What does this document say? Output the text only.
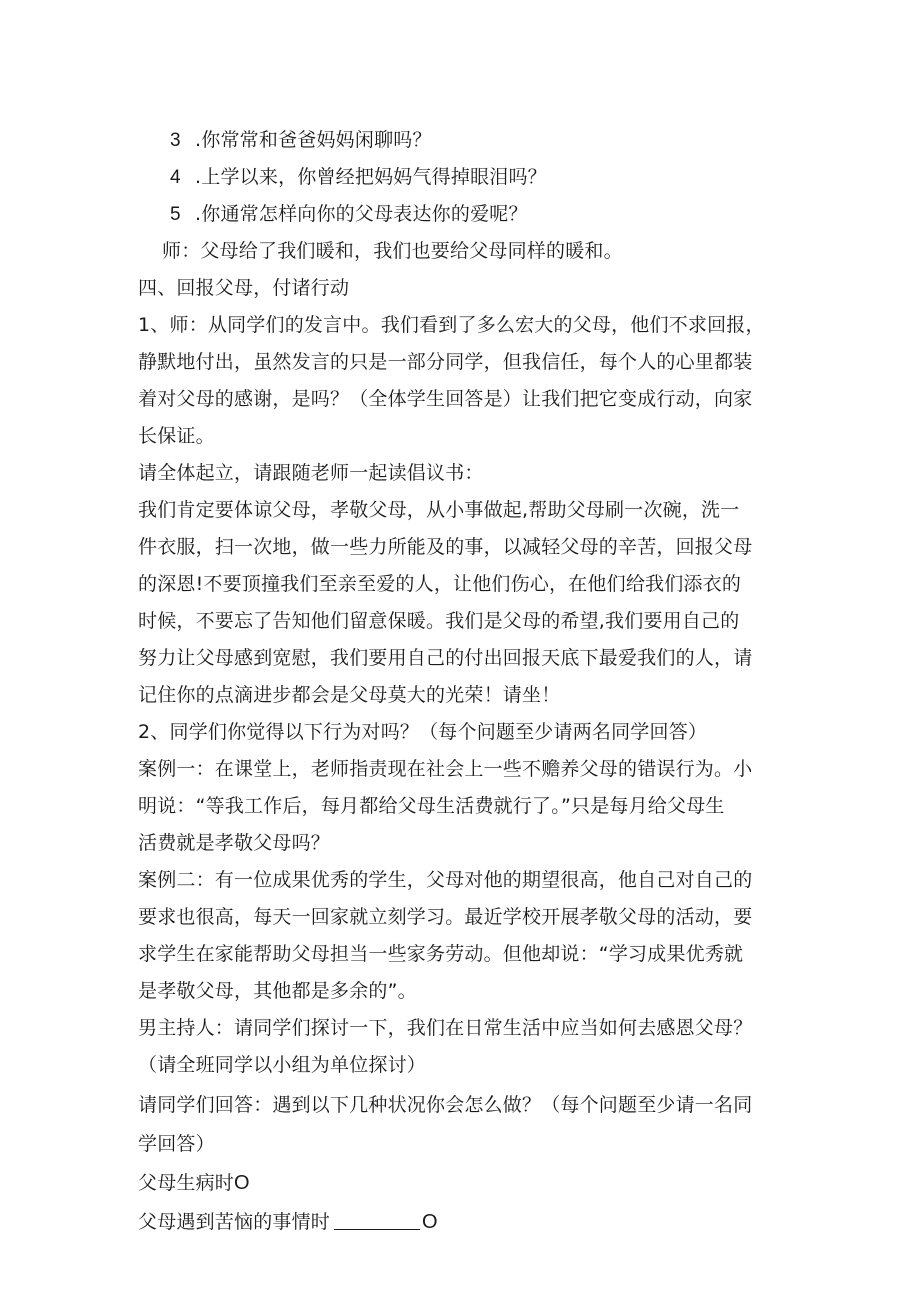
3 .你常常和爸爸妈妈闲聊吗？
4 .上学以来，你曾经把妈妈气得掉眼泪吗？
5 .你通常怎样向你的父母表达你的爱呢？
师：父母给了我们暖和，我们也要给父母同样的暖和。
四、回报父母，付诸行动
1、师：从同学们的发言中。我们看到了多么宏大的父母，他们不求回报，
静默地付出，虽然发言的只是一部分同学，但我信任，每个人的心里都装
着对父母的感谢，是吗？（全体学生回答是）让我们把它变成行动，向家
长保证。
请全体起立，请跟随老师一起读倡议书：
我们肯定要体谅父母，孝敬父母，从小事做起,帮助父母刷一次碗，洗一
件衣服，扫一次地，做一些力所能及的事，以减轻父母的辛苦，回报父母
的深恩!不要顶撞我们至亲至爱的人，让他们伤心，在他们给我们添衣的
时候，不要忘了告知他们留意保暖。我们是父母的希望,我们要用自己的
努力让父母感到宽慰，我们要用自己的付出回报天底下最爱我们的人，请
记住你的点滴进步都会是父母莫大的光荣！请坐！
2、同学们你觉得以下行为对吗？（每个问题至少请两名同学回答）
案例一：在课堂上，老师指责现在社会上一些不赡养父母的错误行为。小
明说：“等我工作后，每月都给父母生活费就行了。”只是每月给父母生
活费就是孝敬父母吗？
案例二：有一位成果优秀的学生，父母对他的期望很高，他自己对自己的
要求也很高，每天一回家就立刻学习。最近学校开展孝敬父母的活动，要
求学生在家能帮助父母担当一些家务劳动。但他却说：“学习成果优秀就
是孝敬父母，其他都是多余的”。
男主持人：请同学们探讨一下，我们在日常生活中应当如何去感恩父母？
（请全班同学以小组为单位探讨）
请同学们回答：遇到以下几种状况你会怎么做？（每个问题至少请一名同
学回答）
父母生病时O
父母遇到苦恼的事情时	O
